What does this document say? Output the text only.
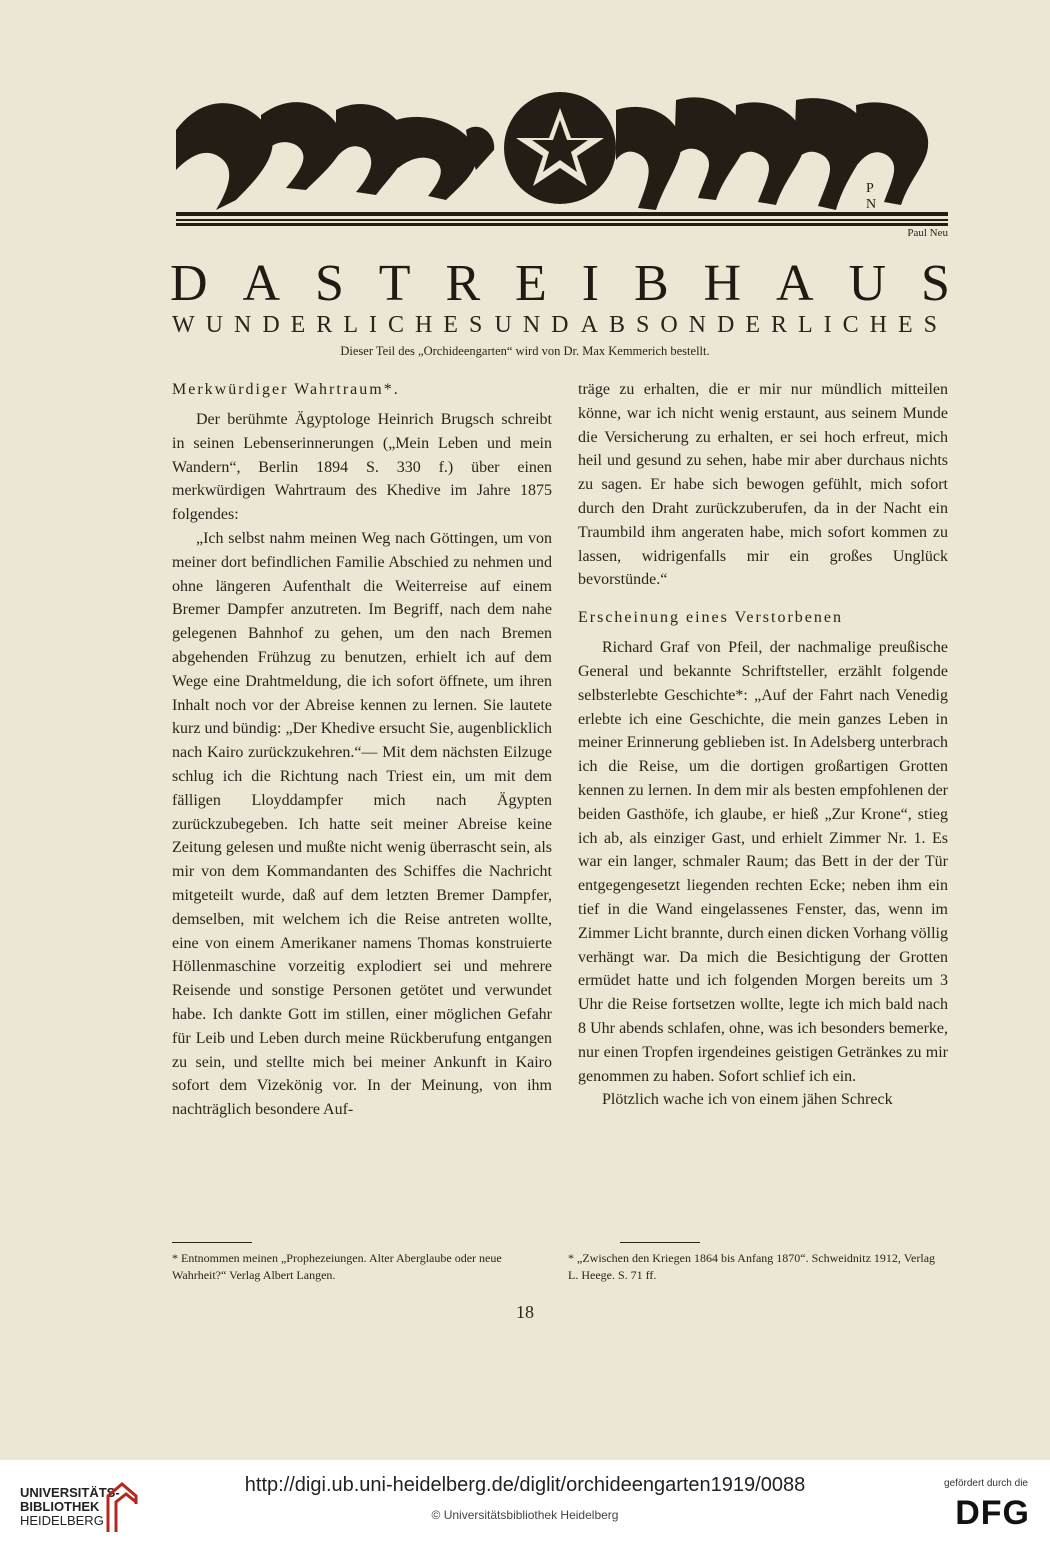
P
N
Paul Neu
D A S T R E I B H A U S
WUNDERLICHES UND ABSONDERLICHES
Dieser Teil des „Orchideengarten“ wird von Dr. Max Kemmerich bestellt.
Merkwürdiger Wahrtraum*.

Der berühmte Ägyptologe Heinrich Brugsch schreibt in seinen Lebenserinnerungen („Mein Leben und mein Wandern“, Berlin 1894 S. 330 f.) über einen merkwürdigen Wahrtraum des Khedive im Jahre 1875 folgendes:

„Ich selbst nahm meinen Weg nach Göttingen, um von meiner dort befindlichen Familie Abschied zu nehmen und ohne längeren Aufenthalt die Weiterreise auf einem Bremer Dampfer anzutreten. Im Begriff, nach dem nahe gelegenen Bahnhof zu gehen, um den nach Bremen abgehenden Frühzug zu benutzen, erhielt ich auf dem Wege eine Drahtmeldung, die ich sofort öffnete, um ihren Inhalt noch vor der Abreise kennen zu lernen. Sie lautete kurz und bündig: „Der Khedive ersucht Sie, augenblicklich nach Kairo zurückzukehren.“— Mit dem nächsten Eilzuge schlug ich die Richtung nach Triest ein, um mit dem fälligen Lloyddampfer mich nach Ägypten zurückzubegeben. Ich hatte seit meiner Abreise keine Zeitung gelesen und mußte nicht wenig überrascht sein, als mir von dem Kommandanten des Schiffes die Nachricht mitgeteilt wurde, daß auf dem letzten Bremer Dampfer, demselben, mit welchem ich die Reise antreten wollte, eine von einem Amerikaner namens Thomas konstruierte Höllenmaschine vorzeitig explodiert sei und mehrere Reisende und sonstige Personen getötet und verwundet habe. Ich dankte Gott im stillen, einer möglichen Gefahr für Leib und Leben durch meine Rückberufung entgangen zu sein, und stellte mich bei meiner Ankunft in Kairo sofort dem Vizekönig vor. In der Meinung, von ihm nachträglich besondere Auf-

träge zu erhalten, die er mir nur mündlich mitteilen könne, war ich nicht wenig erstaunt, aus seinem Munde die Versicherung zu erhalten, er sei hoch erfreut, mich heil und gesund zu sehen, habe mir aber durchaus nichts zu sagen. Er habe sich bewogen gefühlt, mich sofort durch den Draht zurückzuberufen, da in der Nacht ein Traumbild ihm angeraten habe, mich sofort kommen zu lassen, widrigenfalls mir ein großes Unglück bevorstünde.“

Erscheinung eines Verstorbenen

Richard Graf von Pfeil, der nachmalige preußische General und bekannte Schriftsteller, erzählt folgende selbsterlebte Geschichte*: „Auf der Fahrt nach Venedig erlebte ich eine Geschichte, die mein ganzes Leben in meiner Erinnerung geblieben ist. In Adelsberg unterbrach ich die Reise, um die dortigen großartigen Grotten kennen zu lernen. In dem mir als besten empfohlenen der beiden Gasthöfe, ich glaube, er hieß „Zur Krone“, stieg ich ab, als einziger Gast, und erhielt Zimmer Nr. 1. Es war ein langer, schmaler Raum; das Bett in der der Tür entgegengesetzt liegenden rechten Ecke; neben ihm ein tief in die Wand eingelassenes Fenster, das, wenn im Zimmer Licht brannte, durch einen dicken Vorhang völlig verhängt war. Da mich die Besichtigung der Grotten ermüdet hatte und ich folgenden Morgen bereits um 3 Uhr die Reise fortsetzen wollte, legte ich mich bald nach 8 Uhr abends schlafen, ohne, was ich besonders bemerke, nur einen Tropfen irgendeines geistigen Getränkes zu mir genommen zu haben. Sofort schlief ich ein.

Plötzlich wache ich von einem jähen Schreck

* Entnommen meinen „Prophezeiungen. Alter Aberglaube oder neue Wahrheit?“ Verlag Albert Langen.
* „Zwischen den Kriegen 1864 bis Anfang 1870“. Schweidnitz 1912, Verlag L. Heege. S. 71 ff.
18
UNIVERSITÄTS-
BIBLIOTHEK
HEIDELBERG
http://digi.ub.uni-heidelberg.de/diglit/orchideengarten1919/0088
© Universitätsbibliothek Heidelberg
gefördert durch die
DFG
